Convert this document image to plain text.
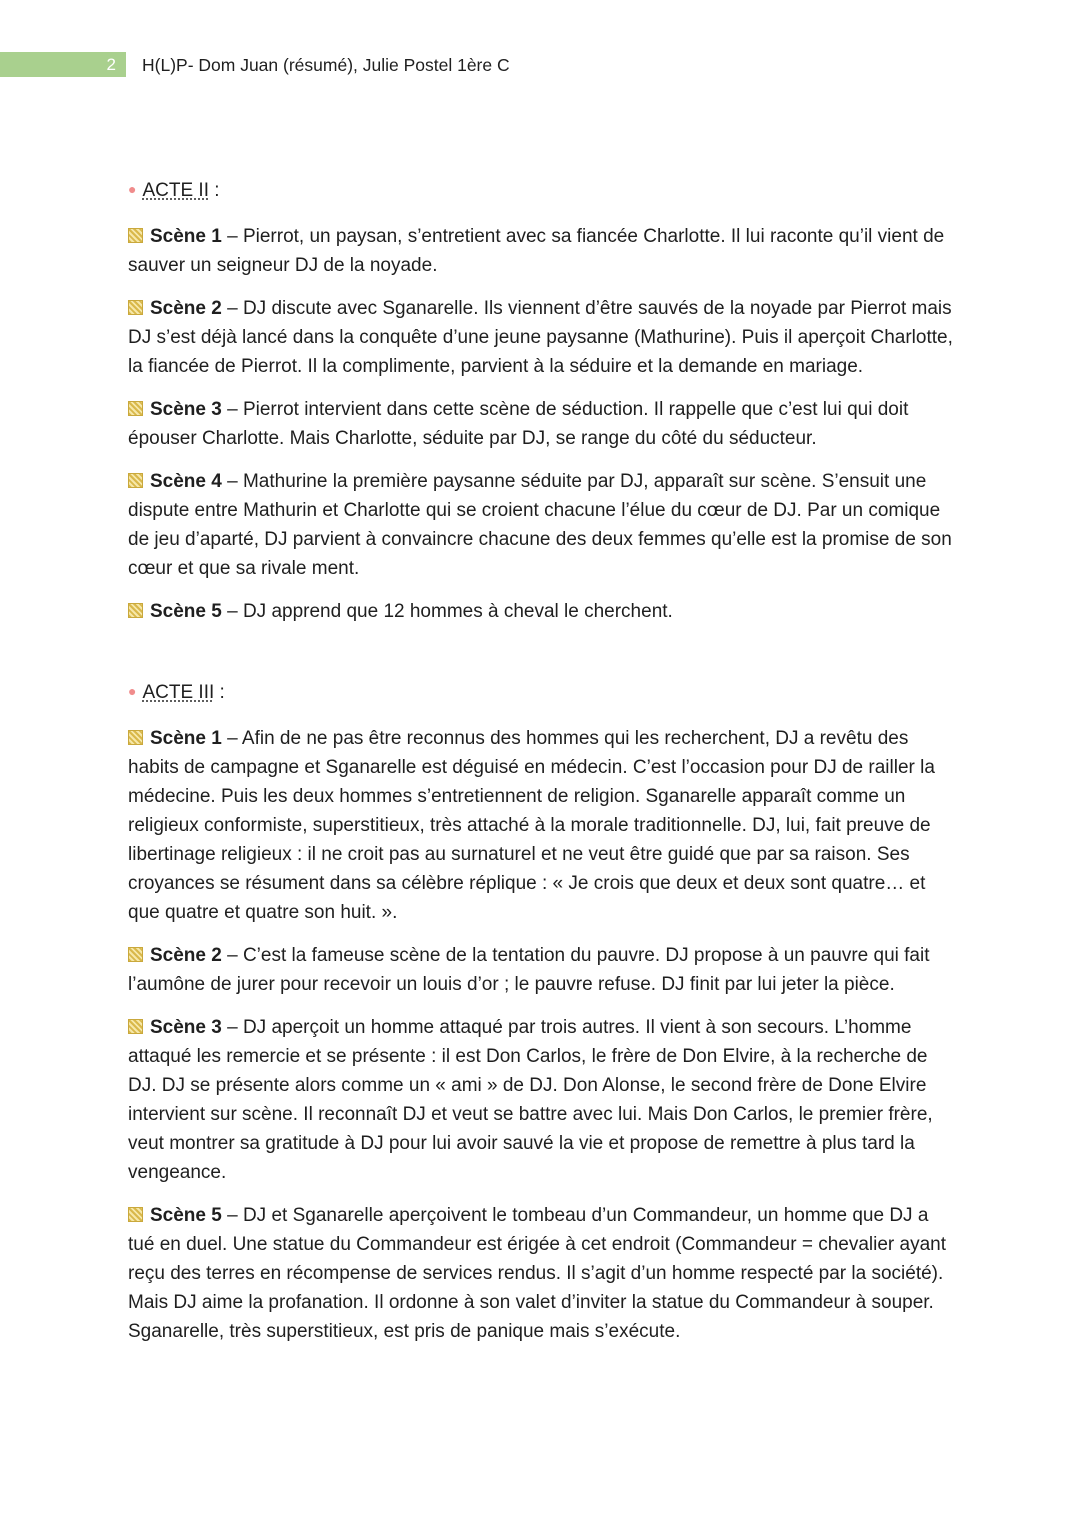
2	H(L)P- Dom Juan (résumé), Julie Postel 1ère C
● ACTE II :

Scène 1 – Pierrot, un paysan, s’entretient avec sa fiancée Charlotte. Il lui raconte qu’il vient de sauver un seigneur DJ de la noyade.

Scène 2 – DJ discute avec Sganarelle. Ils viennent d’être sauvés de la noyade par Pierrot mais DJ s’est déjà lancé dans la conquête d’une jeune paysanne (Mathurine). Puis il aperçoit Charlotte, la fiancée de Pierrot. Il la complimente, parvient à la séduire et la demande en mariage.

Scène 3 – Pierrot intervient dans cette scène de séduction. Il rappelle que c’est lui qui doit épouser Charlotte. Mais Charlotte, séduite par DJ, se range du côté du séducteur.

Scène 4 – Mathurine la première paysanne séduite par DJ, apparaît sur scène. S’ensuit une dispute entre Mathurin et Charlotte qui se croient chacune l’élue du cœur de DJ. Par un comique de jeu d’aparté, DJ parvient à convaincre chacune des deux femmes qu’elle est la promise de son cœur et que sa rivale ment.

Scène 5 – DJ apprend que 12 hommes à cheval le cherchent.

● ACTE III :

Scène 1 – Afin de ne pas être reconnus des hommes qui les recherchent, DJ a revêtu des habits de campagne et Sganarelle est déguisé en médecin. C’est l’occasion pour DJ de railler la médecine. Puis les deux hommes s’entretiennent de religion. Sganarelle apparaît comme un religieux conformiste, superstitieux, très attaché à la morale traditionnelle. DJ, lui, fait preuve de libertinage religieux : il ne croit pas au surnaturel et ne veut être guidé que par sa raison. Ses croyances se résument dans sa célèbre réplique : « Je crois que deux et deux sont quatre… et que quatre et quatre son huit. ».

Scène 2 – C’est la fameuse scène de la tentation du pauvre. DJ propose à un pauvre qui fait l’aumône de jurer pour recevoir un louis d’or ; le pauvre refuse. DJ finit par lui jeter la pièce.

Scène 3 – DJ aperçoit un homme attaqué par trois autres. Il vient à son secours. L’homme attaqué les remercie et se présente : il est Don Carlos, le frère de Don Elvire, à la recherche de DJ. DJ se présente alors comme un « ami » de DJ. Don Alonse, le second frère de Done Elvire intervient sur scène. Il reconnaît DJ et veut se battre avec lui. Mais Don Carlos, le premier frère, veut montrer sa gratitude à DJ pour lui avoir sauvé la vie et propose de remettre à plus tard la vengeance.

Scène 5 – DJ et Sganarelle aperçoivent le tombeau d’un Commandeur, un homme que DJ a tué en duel. Une statue du Commandeur est érigée à cet endroit (Commandeur = chevalier ayant reçu des terres en récompense de services rendus. Il s’agit d’un homme respecté par la société). Mais DJ aime la profanation. Il ordonne à son valet d’inviter la statue du Commandeur à souper. Sganarelle, très superstitieux, est pris de panique mais s’exécute.
